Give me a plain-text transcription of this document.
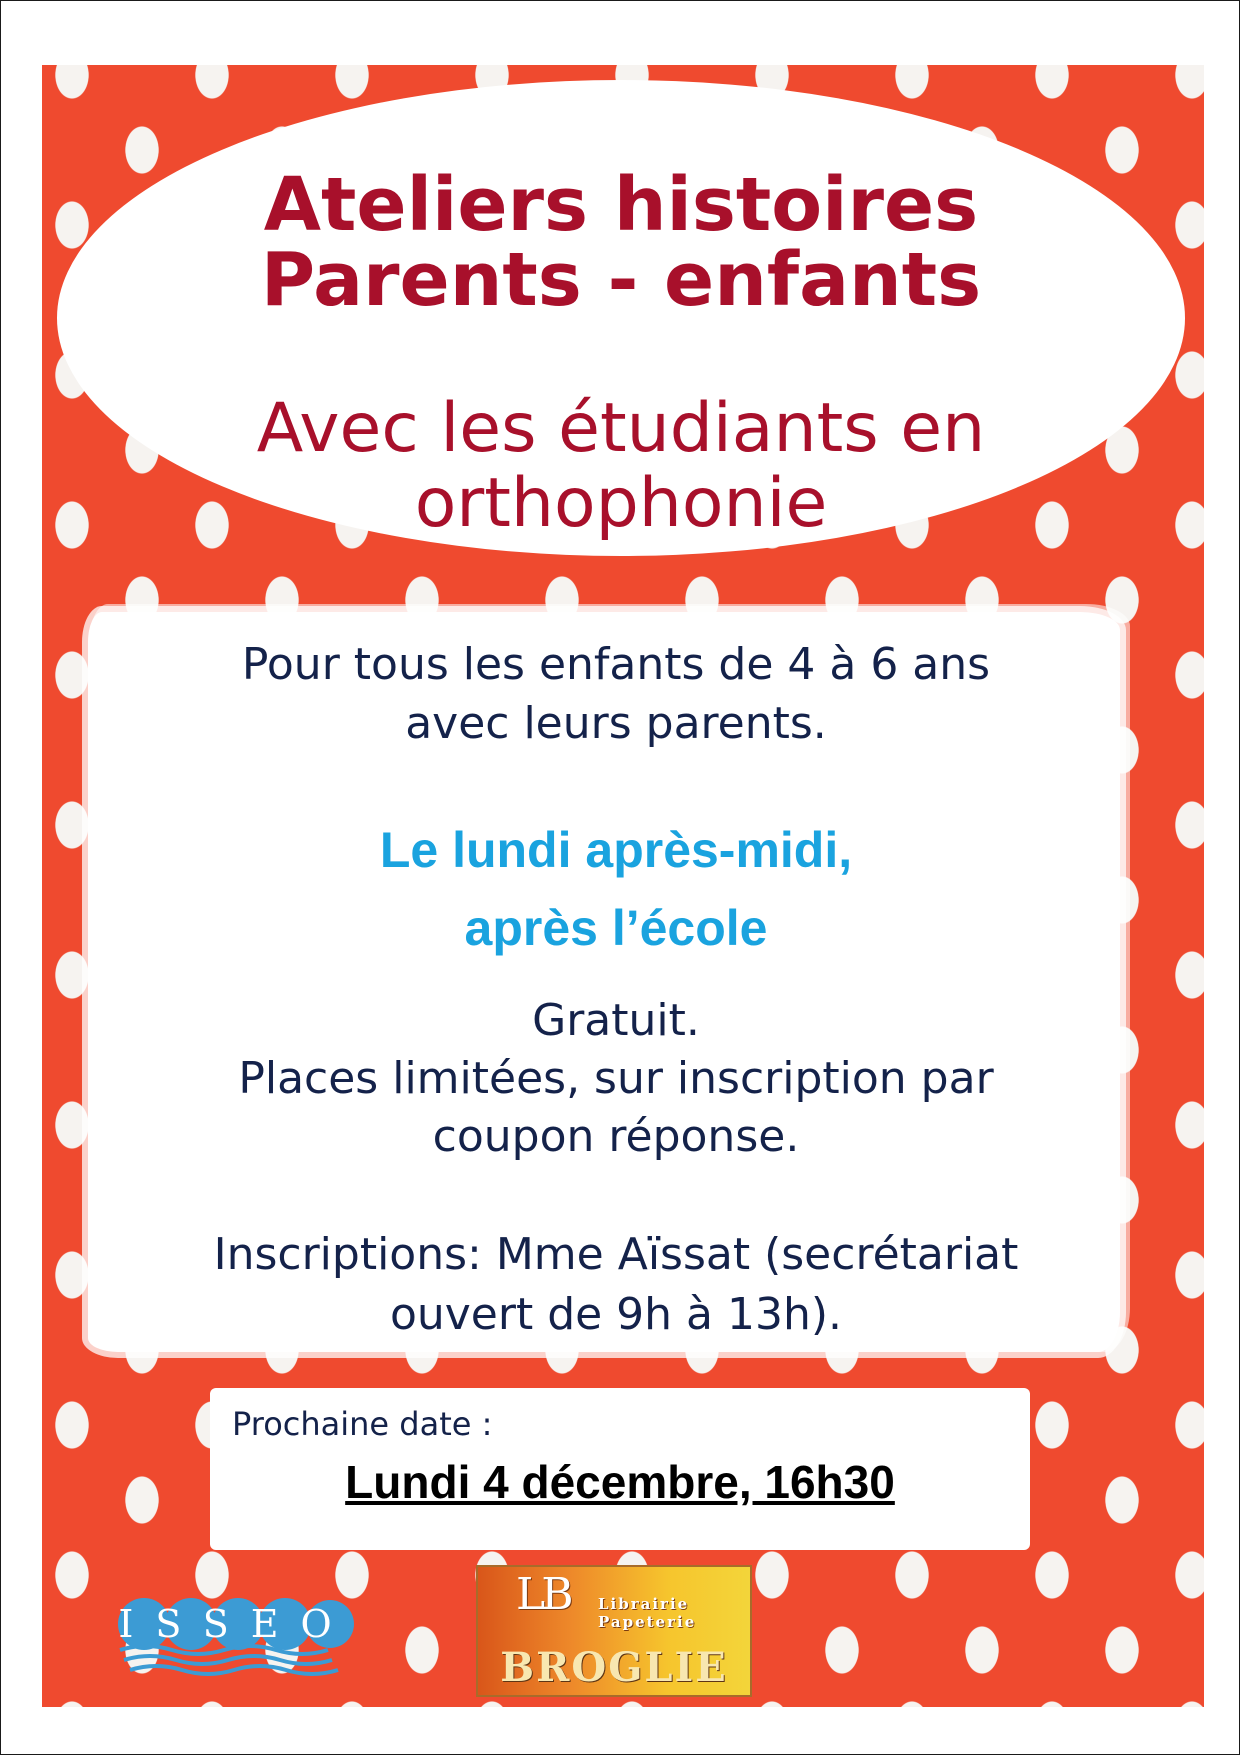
Ateliers histoires
Parents - enfants
Avec les étudiants en
orthophonie
Pour tous les enfants de 4 à 6 ans
avec leurs parents.
Le lundi après-midi,
après l’école
Gratuit.
Places limitées, sur inscription par
coupon réponse.
Inscriptions: Mme Aïssat (secrétariat
ouvert de 9h à 13h).
Prochaine date :
Lundi 4 décembre, 16h30
ISSEO
LB Librairie
Papeterie
BROGLIE
